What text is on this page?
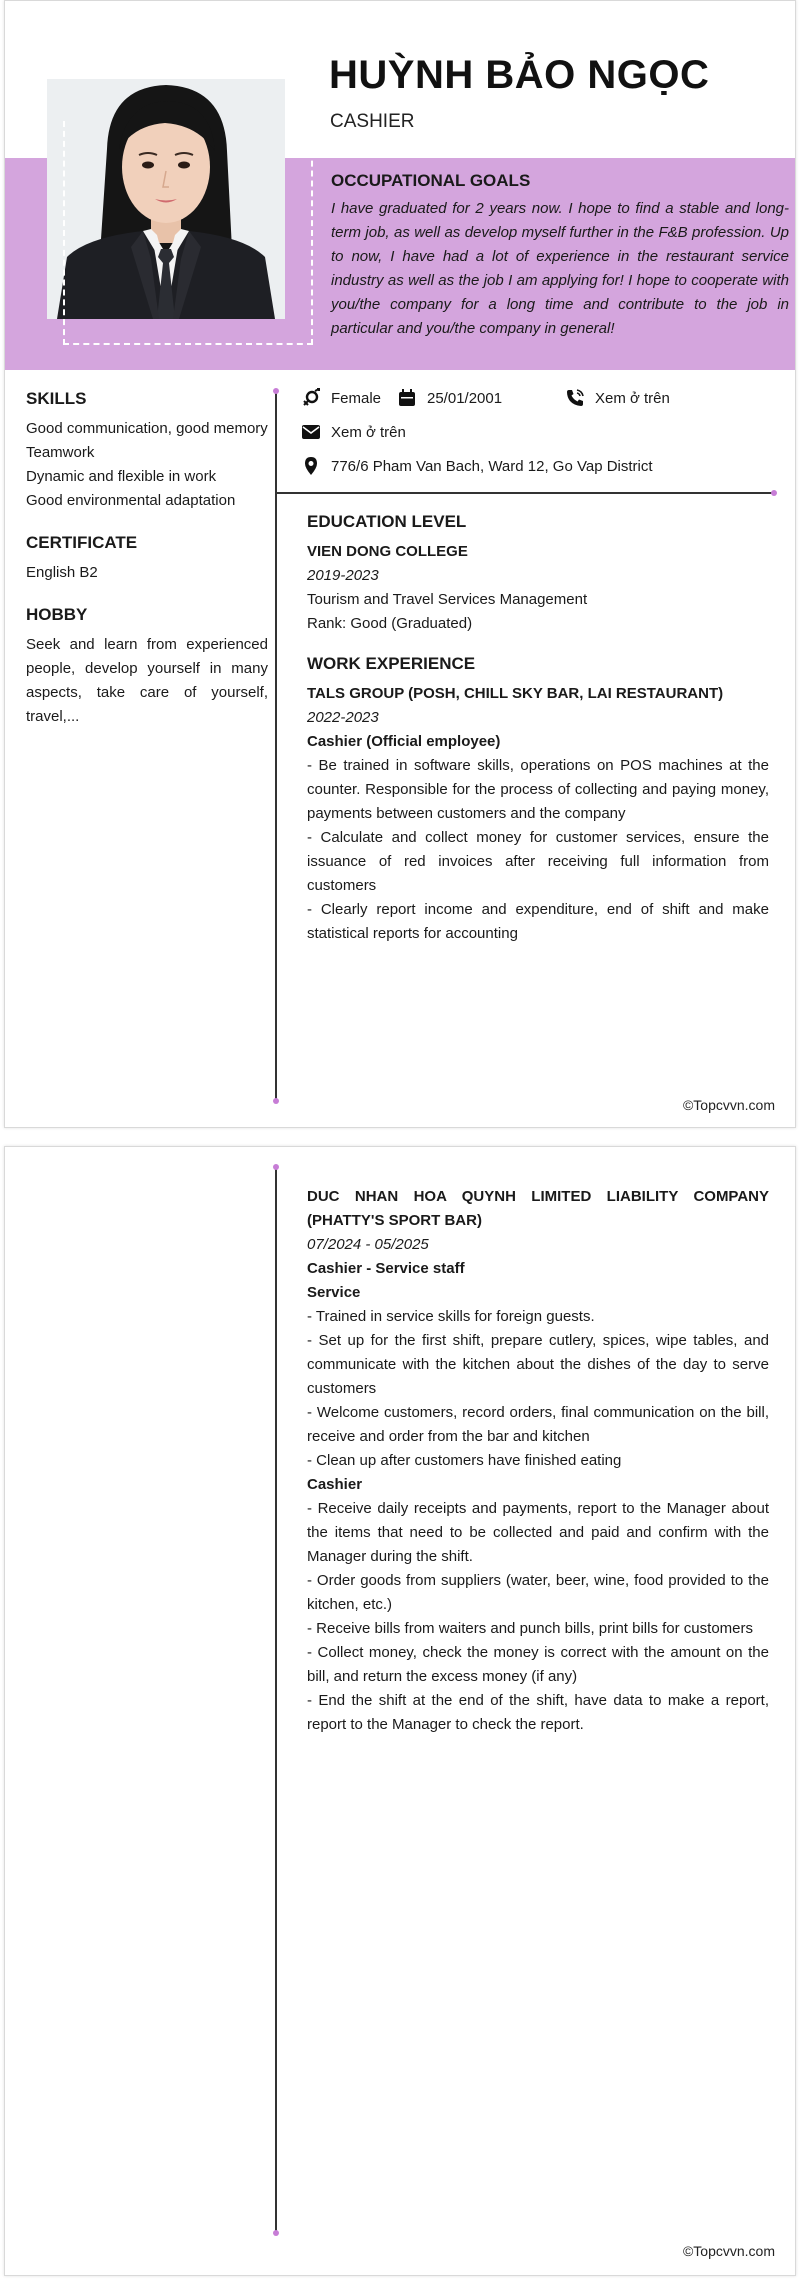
HUỲNH BẢO NGỌC
CASHIER
OCCUPATIONAL GOALS

I have graduated for 2 years now. I hope to find a stable and long-term job, as well as develop myself further in the F&B profession. Up to now, I have had a lot of experience in the restaurant service industry as well as the job I am applying for! I hope to cooperate with you/the company for a long time and contribute to the job in particular and you/the company in general!

SKILLS
Good communication, good memory
Teamwork
Dynamic and flexible in work
Good environmental adaptation
CERTIFICATE
English B2
HOBBY
Seek and learn from experienced people, develop yourself in many aspects, take care of yourself, travel,...
Female	25/01/2001	Xem ở trên
Xem ở trên
776/6 Pham Van Bach, Ward 12, Go Vap District
EDUCATION LEVEL
VIEN DONG COLLEGE
2019-2023
Tourism and Travel Services Management
Rank: Good (Graduated)
WORK EXPERIENCE
TALS GROUP (POSH, CHILL SKY BAR, LAI RESTAURANT)
2022-2023
Cashier (Official employee)
- Be trained in software skills, operations on POS machines at the counter. Responsible for the process of collecting and paying money, payments between customers and the company
- Calculate and collect money for customer services, ensure the issuance of red invoices after receiving full information from customers
- Clearly report income and expenditure, end of shift and make statistical reports for accounting
©Topcvvn.com
DUC NHAN HOA QUYNH LIMITED LIABILITY COMPANY (PHATTY'S SPORT BAR)
07/2024 - 05/2025
Cashier - Service staff
Service
- Trained in service skills for foreign guests.
- Set up for the first shift, prepare cutlery, spices, wipe tables, and communicate with the kitchen about the dishes of the day to serve customers
- Welcome customers, record orders, final communication on the bill, receive and order from the bar and kitchen
- Clean up after customers have finished eating
Cashier
- Receive daily receipts and payments, report to the Manager about the items that need to be collected and paid and confirm with the Manager during the shift.
- Order goods from suppliers (water, beer, wine, food provided to the kitchen, etc.)
- Receive bills from waiters and punch bills, print bills for customers
- Collect money, check the money is correct with the amount on the bill, and return the excess money (if any)
- End the shift at the end of the shift, have data to make a report, report to the Manager to check the report.
©Topcvvn.com
